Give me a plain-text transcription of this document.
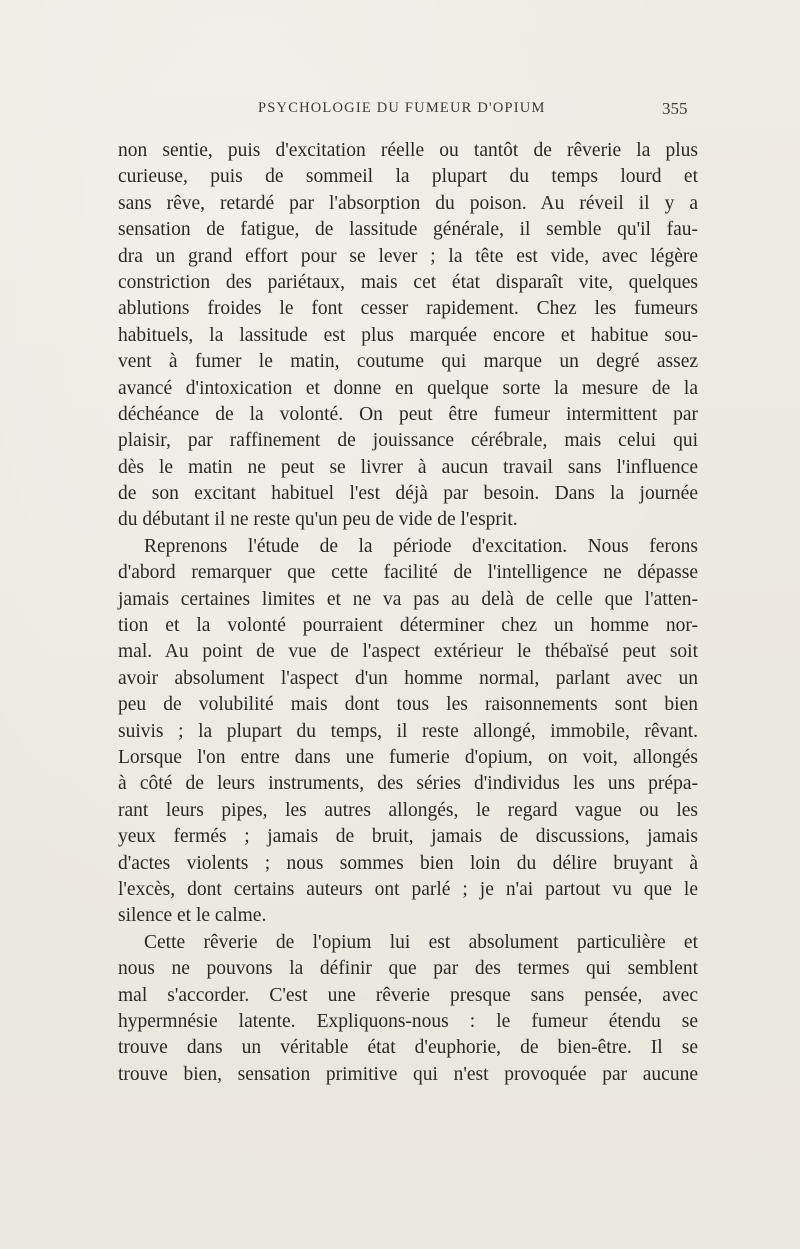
PSYCHOLOGIE DU FUMEUR D'OPIUM	355
non sentie, puis d'excitation réelle ou tantôt de rêverie la plus
curieuse, puis de sommeil la plupart du temps lourd et
sans rêve, retardé par l'absorption du poison. Au réveil il y a
sensation de fatigue, de lassitude générale, il semble qu'il fau-
dra un grand effort pour se lever ; la tête est vide, avec légère
constriction des pariétaux, mais cet état disparaît vite, quelques
ablutions froides le font cesser rapidement. Chez les fumeurs
habituels, la lassitude est plus marquée encore et habitue sou-
vent à fumer le matin, coutume qui marque un degré assez
avancé d'intoxication et donne en quelque sorte la mesure de la
déchéance de la volonté. On peut être fumeur intermittent par
plaisir, par raffinement de jouissance cérébrale, mais celui qui
dès le matin ne peut se livrer à aucun travail sans l'influence
de son excitant habituel l'est déjà par besoin. Dans la journée
du débutant il ne reste qu'un peu de vide de l'esprit.
Reprenons l'étude de la période d'excitation. Nous ferons
d'abord remarquer que cette facilité de l'intelligence ne dépasse
jamais certaines limites et ne va pas au delà de celle que l'atten-
tion et la volonté pourraient déterminer chez un homme nor-
mal. Au point de vue de l'aspect extérieur le thébaïsé peut soit
avoir absolument l'aspect d'un homme normal, parlant avec un
peu de volubilité mais dont tous les raisonnements sont bien
suivis ; la plupart du temps, il reste allongé, immobile, rêvant.
Lorsque l'on entre dans une fumerie d'opium, on voit, allongés
à côté de leurs instruments, des séries d'individus les uns prépa-
rant leurs pipes, les autres allongés, le regard vague ou les
yeux fermés ; jamais de bruit, jamais de discussions, jamais
d'actes violents ; nous sommes bien loin du délire bruyant à
l'excès, dont certains auteurs ont parlé ; je n'ai partout vu que le
silence et le calme.
Cette rêverie de l'opium lui est absolument particulière et
nous ne pouvons la définir que par des termes qui semblent
mal s'accorder. C'est une rêverie presque sans pensée, avec
hypermnésie latente. Expliquons-nous : le fumeur étendu se
trouve dans un véritable état d'euphorie, de bien-être. Il se
trouve bien, sensation primitive qui n'est provoquée par aucune
